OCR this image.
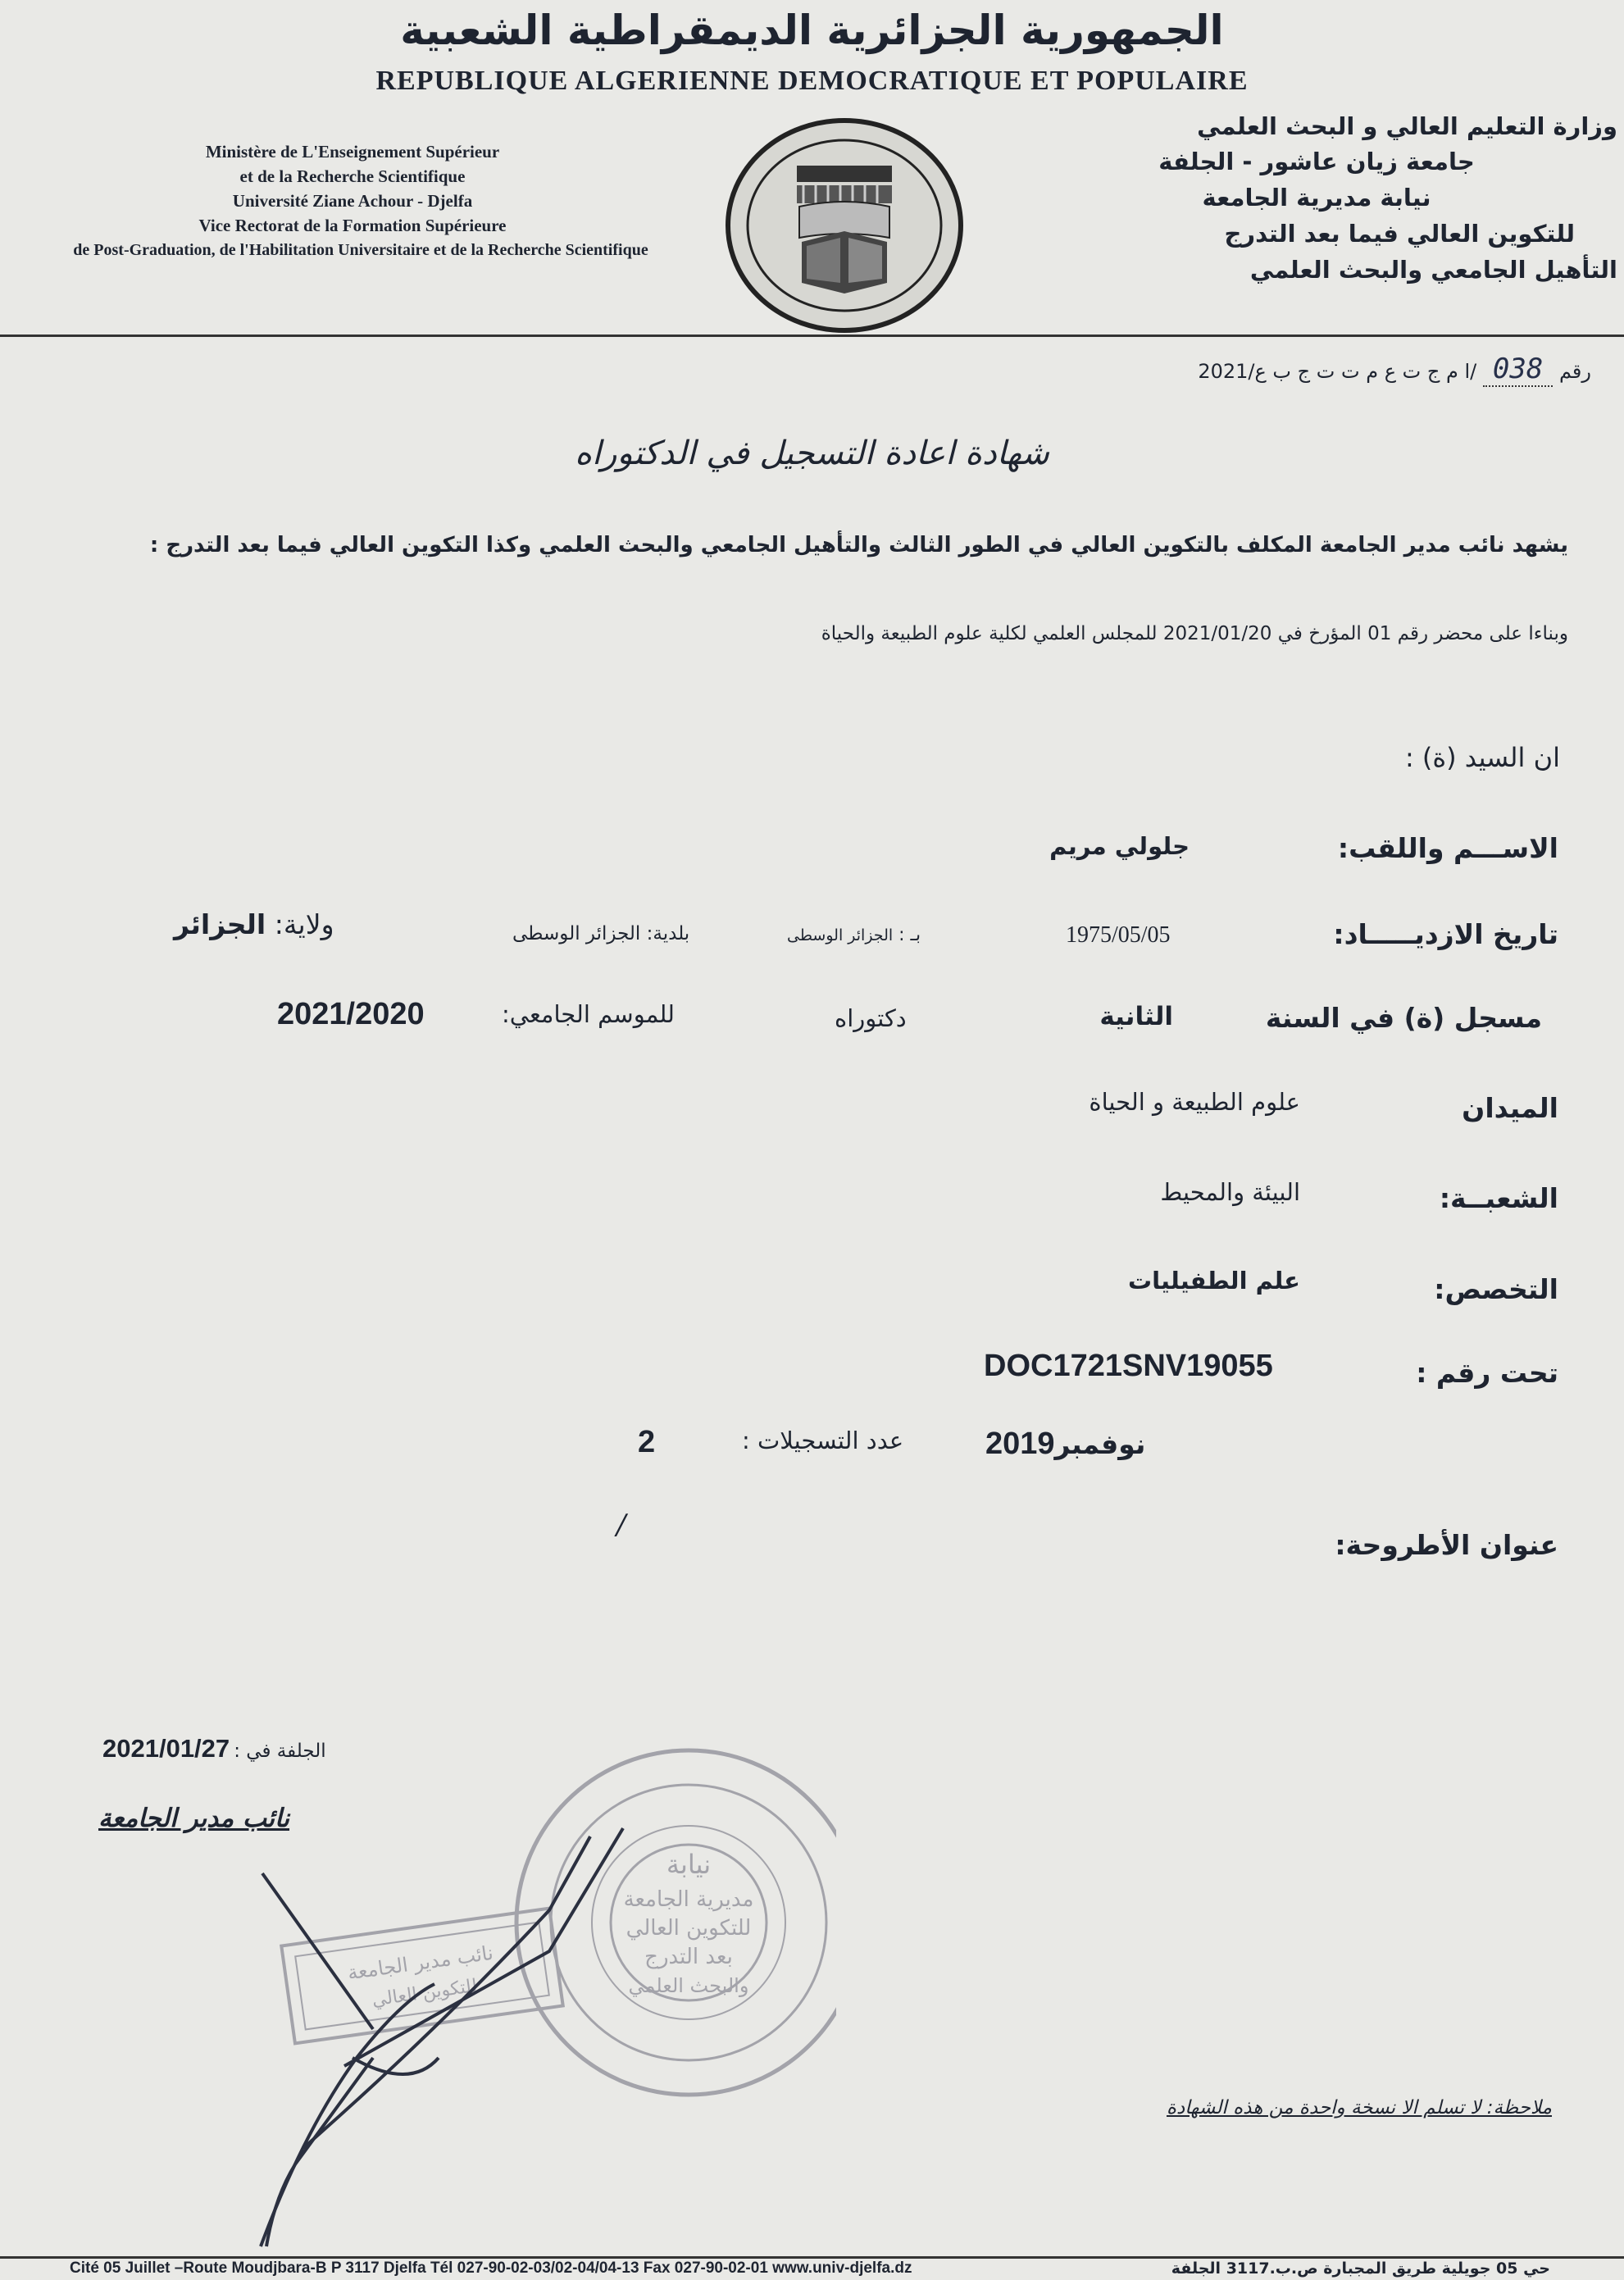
الجمهورية الجزائرية الديمقراطية الشعبية
REPUBLIQUE ALGERIENNE DEMOCRATIQUE ET POPULAIRE
Ministère de L'Enseignement Supérieur
et de la Recherche Scientifique
Université Ziane Achour - Djelfa
Vice Rectorat de la Formation Supérieure
de Post-Graduation, de l'Habilitation Universitaire et de la Recherche Scientifique
وزارة التعليم العالي و البحث العلمي
جامعة زيان عاشور - الجلفة
نيابة مديرية الجامعة
للتكوين العالي فيما بعد التدرج
التأهيل الجامعي والبحث العلمي
رقم 038 /ا م ج ت ع م ت ت ج ب ع/2021
شهادة اعادة التسجيل في الدكتوراه
يشهد نائب مدير الجامعة المكلف بالتكوين العالي في الطور الثالث والتأهيل الجامعي والبحث العلمي وكذا التكوين العالي فيما بعد التدرج :
وبناءا على محضر رقم 01 المؤرخ في 2021/01/20 للمجلس العلمي لكلية علوم الطبيعة والحياة
ان السيد (ة) :
الاســـم واللقب:
جلولي مريم
تاريخ الازديـــــاد:
1975/05/05
بـ : الجزائر الوسطى
بلدية: الجزائر الوسطى
ولاية: الجزائر
مسجل (ة) في السنة
الثانية
دكتوراه
للموسم الجامعي:
2021/2020
الميدان
علوم الطبيعة و الحياة
الشعبــة:
البيئة والمحيط
التخصص:
علم الطفيليات
تحت رقم :
DOC1721SNV19055
نوفمبر2019
عدد التسجيلات :
2
عنوان الأطروحة:
/
الجلفة في : 2021/01/27
نائب مدير الجامعة
نيابة
مديرية الجامعة
للتكوين العالي
بعد التدرج
والبحث العلمي
نائب مدير الجامعة
للتكوين العالي
ملاحظة: لا تسلم الا نسخة واحدة من هذه الشهادة
Cité 05 Juillet –Route Moudjbara-B P 3117 Djelfa Tél 027-90-02-03/02-04/04-13 Fax 027-90-02-01 www.univ-djelfa.dz	حي 05 جويلية طريق المجبارة ص.ب.3117 الجلفة
